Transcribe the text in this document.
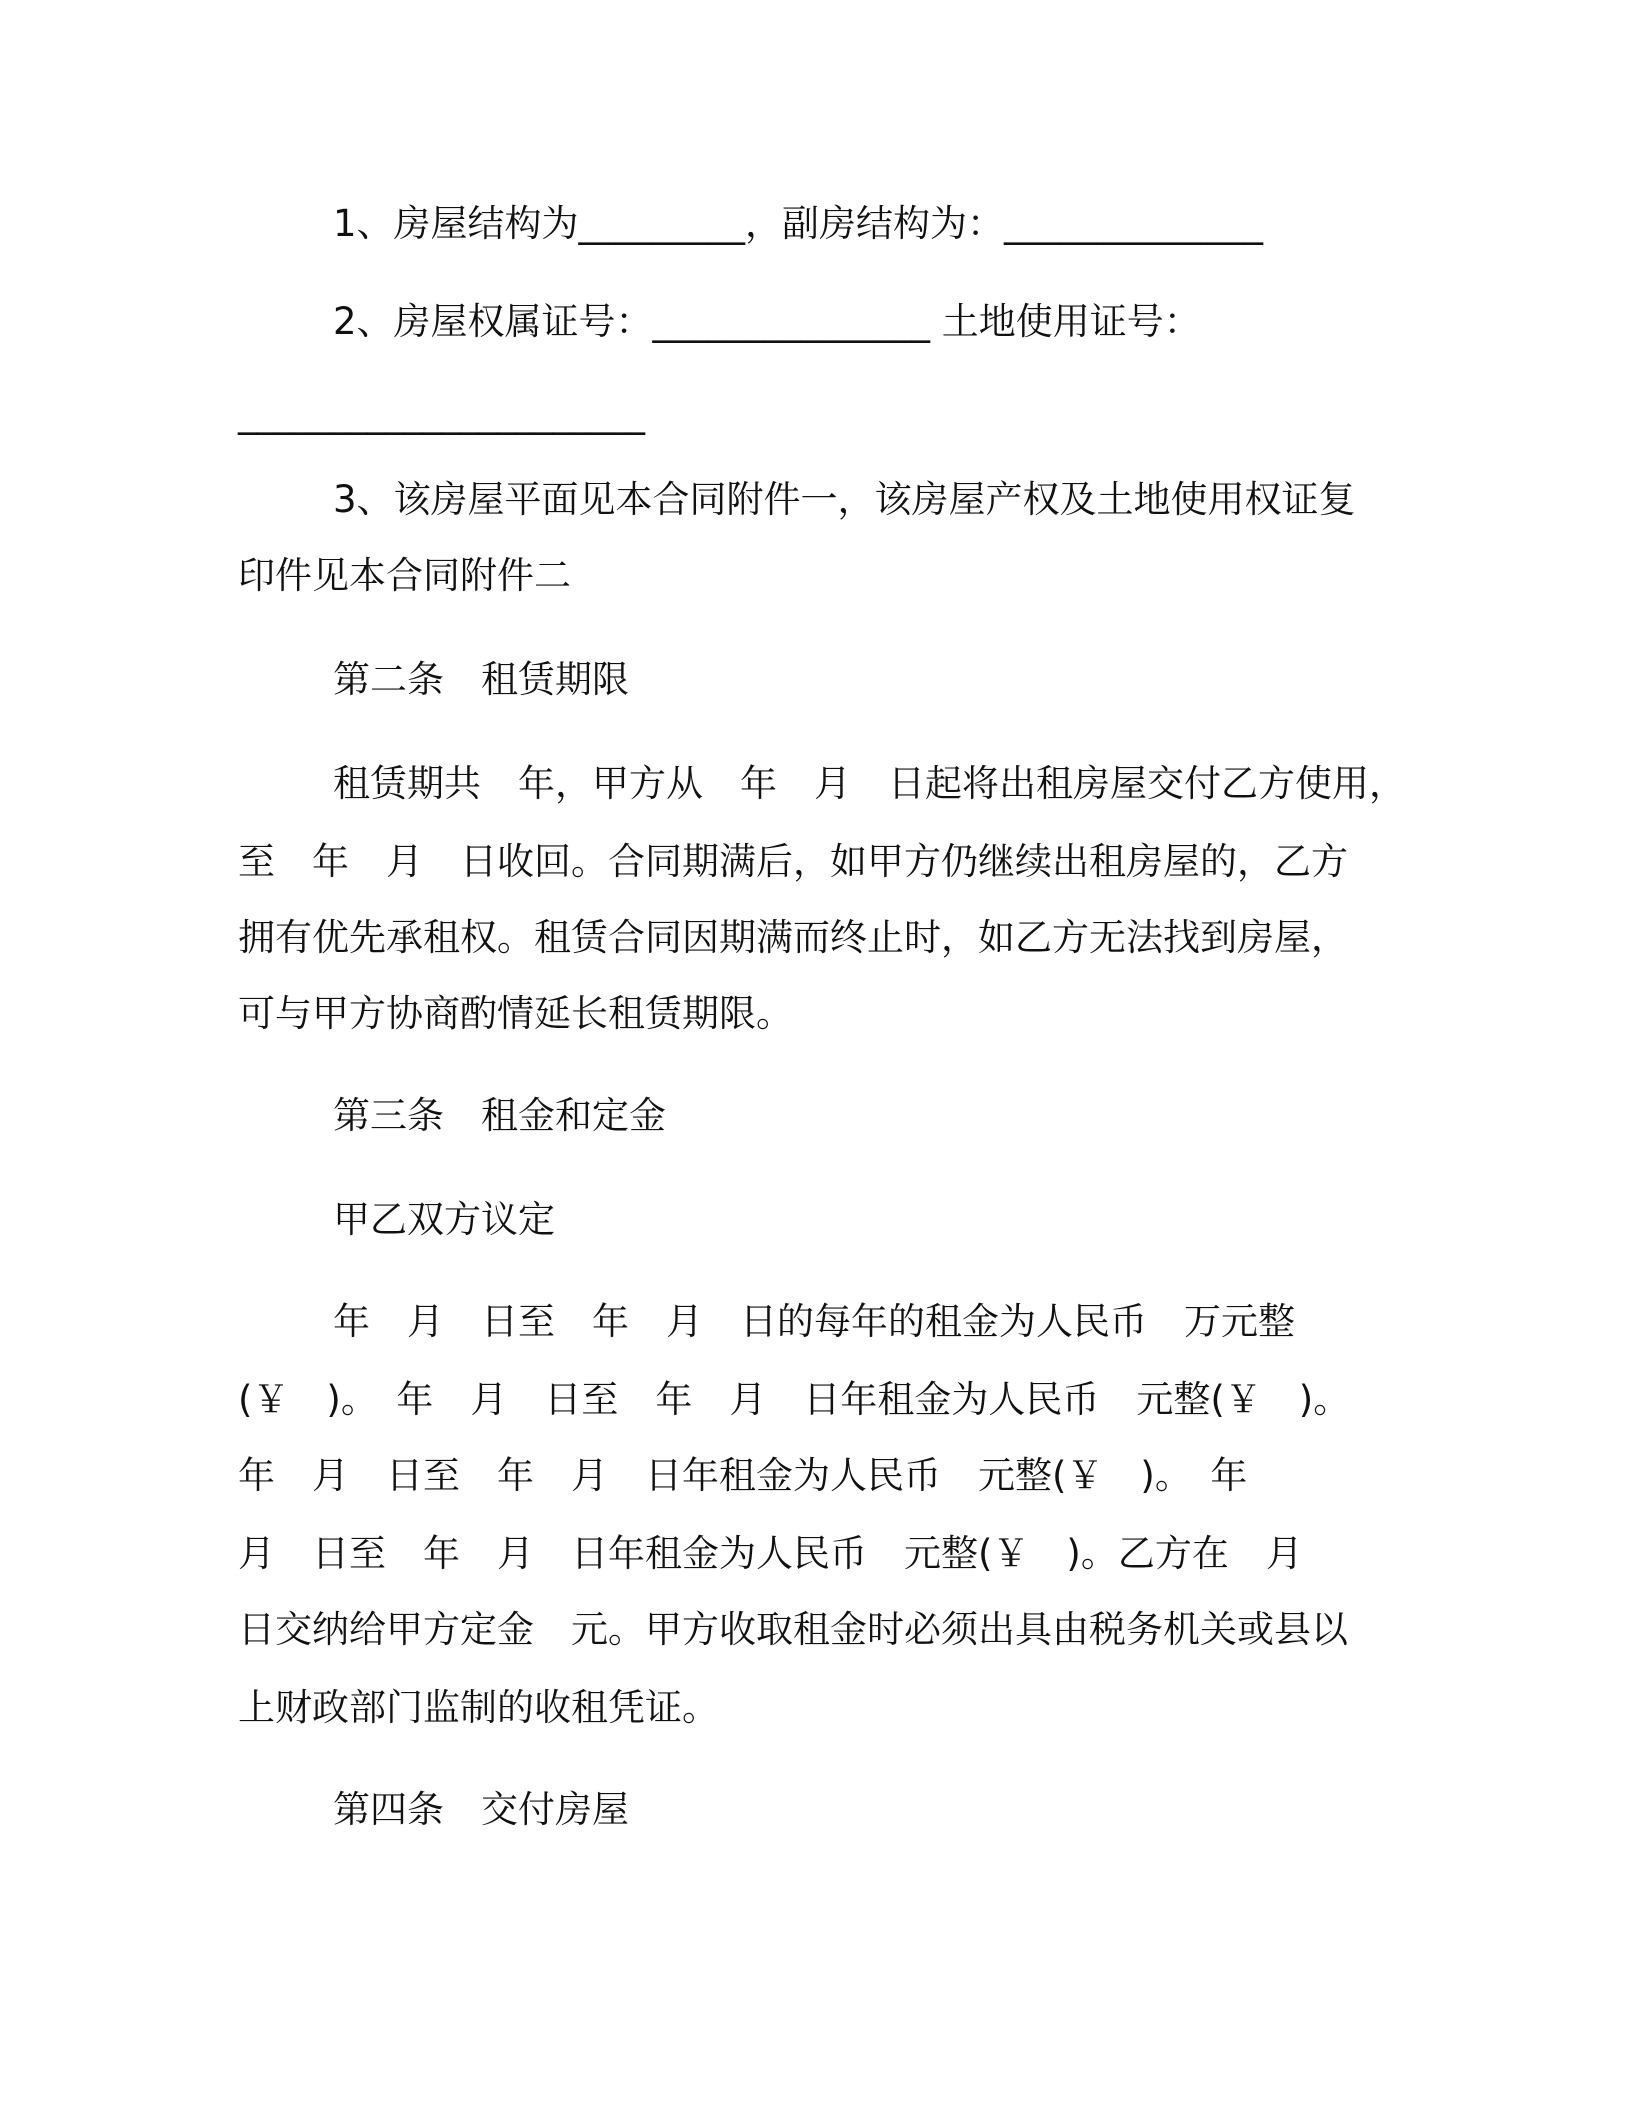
1、房屋结构为_________，副房结构为：______________
2、房屋权属证号：_______________ 土地使用证号：
______________________
3、该房屋平面见本合同附件一，该房屋产权及土地使用权证复
印件见本合同附件二
第二条　租赁期限
租赁期共　年，甲方从　年　月　日起将出租房屋交付乙方使用，
至　年　月　日收回。合同期满后，如甲方仍继续出租房屋的，乙方
拥有优先承租权。租赁合同因期满而终止时，如乙方无法找到房屋，
可与甲方协商酌情延长租赁期限。
第三条　租金和定金
甲乙双方议定
年　月　日至　年　月　日的每年的租金为人民币　万元整
(￥　)。　年　月　日至　年　月　日年租金为人民币　元整(￥　)。
年　月　日至　年　月　日年租金为人民币　元整(￥　)。　年
月　日至　年　月　日年租金为人民币　元整(￥　)。乙方在　月
日交纳给甲方定金　元。甲方收取租金时必须出具由税务机关或县以
上财政部门监制的收租凭证。
第四条　交付房屋
